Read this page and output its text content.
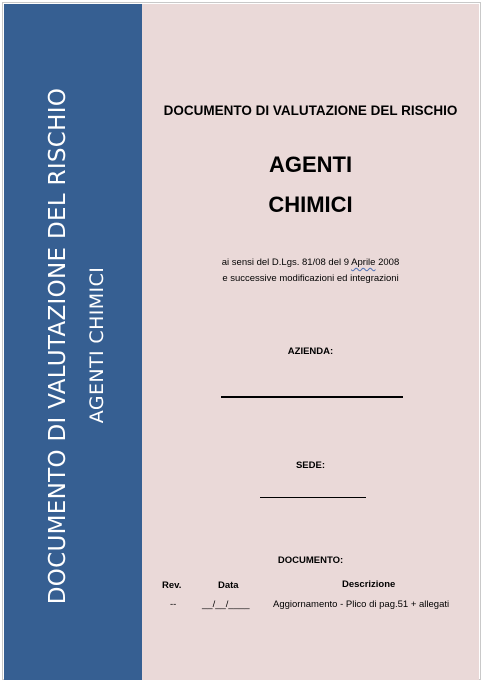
DOCUMENTO DI VALUTAZIONE DEL RISCHIO AGENTI CHIMICI
DOCUMENTO DI VALUTAZIONE DEL RISCHIO
AGENTI
CHIMICI
ai sensi del D.Lgs. 81/08 del 9 Aprile 2008
e successive modificazioni ed integrazioni
AZIENDA:
SEDE:
DOCUMENTO:
Rev.	Data	Descrizione
--	__/__/____ Aggiornamento - Plico di pag.51 + allegati
